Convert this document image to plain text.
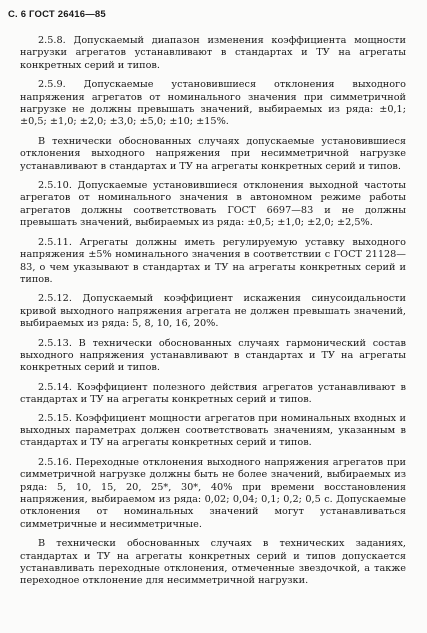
С. 6 ГОСТ 26416—85

2.5.8. Допускаемый диапазон изменения коэффициента мощности нагрузки агрегатов устанавливают в стандартах и ТУ на агрегаты конкретных серий и типов.

2.5.9. Допускаемые установившиеся отклонения выходного напряжения агрегатов от номинального значения при симметричной нагрузке не должны превышать значений, выбираемых из ряда: ±0,1; ±0,5; ±1,0; ±2,0; ±3,0; ±5,0; ±10; ±15%.

В технически обоснованных случаях допускаемые установившиеся отклонения выходного напряжения при несимметричной нагрузке устанавливают в стандартах и ТУ на агрегаты конкретных серий и типов.

2.5.10. Допускаемые установившиеся отклонения выходной частоты агрегатов от номинального значения в автономном режиме работы агрегатов должны соответствовать ГОСТ 6697—83 и не должны превышать значений, выбираемых из ряда: ±0,5; ±1,0; ±2,0; ±2,5%.

2.5.11. Агрегаты должны иметь регулируемую уставку выходного напряжения ±5% номинального значения в соответствии с ГОСТ 21128—83, о чем указывают в стандартах и ТУ на агрегаты конкретных серий и типов.

2.5.12. Допускаемый коэффициент искажения синусоидальности кривой выходного напряжения агрегата не должен превышать значений, выбираемых из ряда: 5, 8, 10, 16, 20%.

2.5.13. В технически обоснованных случаях гармонический состав выходного напряжения устанавливают в стандартах и ТУ на агрегаты конкретных серий и типов.

2.5.14. Коэффициент полезного действия агрегатов устанавливают в стандартах и ТУ на агрегаты конкретных серий и типов.

2.5.15. Коэффициент мощности агрегатов при номинальных входных и выходных параметрах должен соответствовать значениям, указанным в стандартах и ТУ на агрегаты конкретных серий и типов.

2.5.16. Переходные отклонения выходного напряжения агрегатов при симметричной нагрузке должны быть не более значений, выбираемых из ряда: 5, 10, 15, 20, 25*, 30*, 40% при времени восстановления напряжения, выбираемом из ряда: 0,02; 0,04; 0,1; 0,2; 0,5 с. Допускаемые отклонения от номинальных значений могут устанавливаться симметричные и несимметричные.

В технически обоснованных случаях в технических заданиях, стандартах и ТУ на агрегаты конкретных серий и типов допускается устанавливать переходные отклонения, отмеченные звездочкой, а также переходное отклонение для несимметричной нагрузки.
